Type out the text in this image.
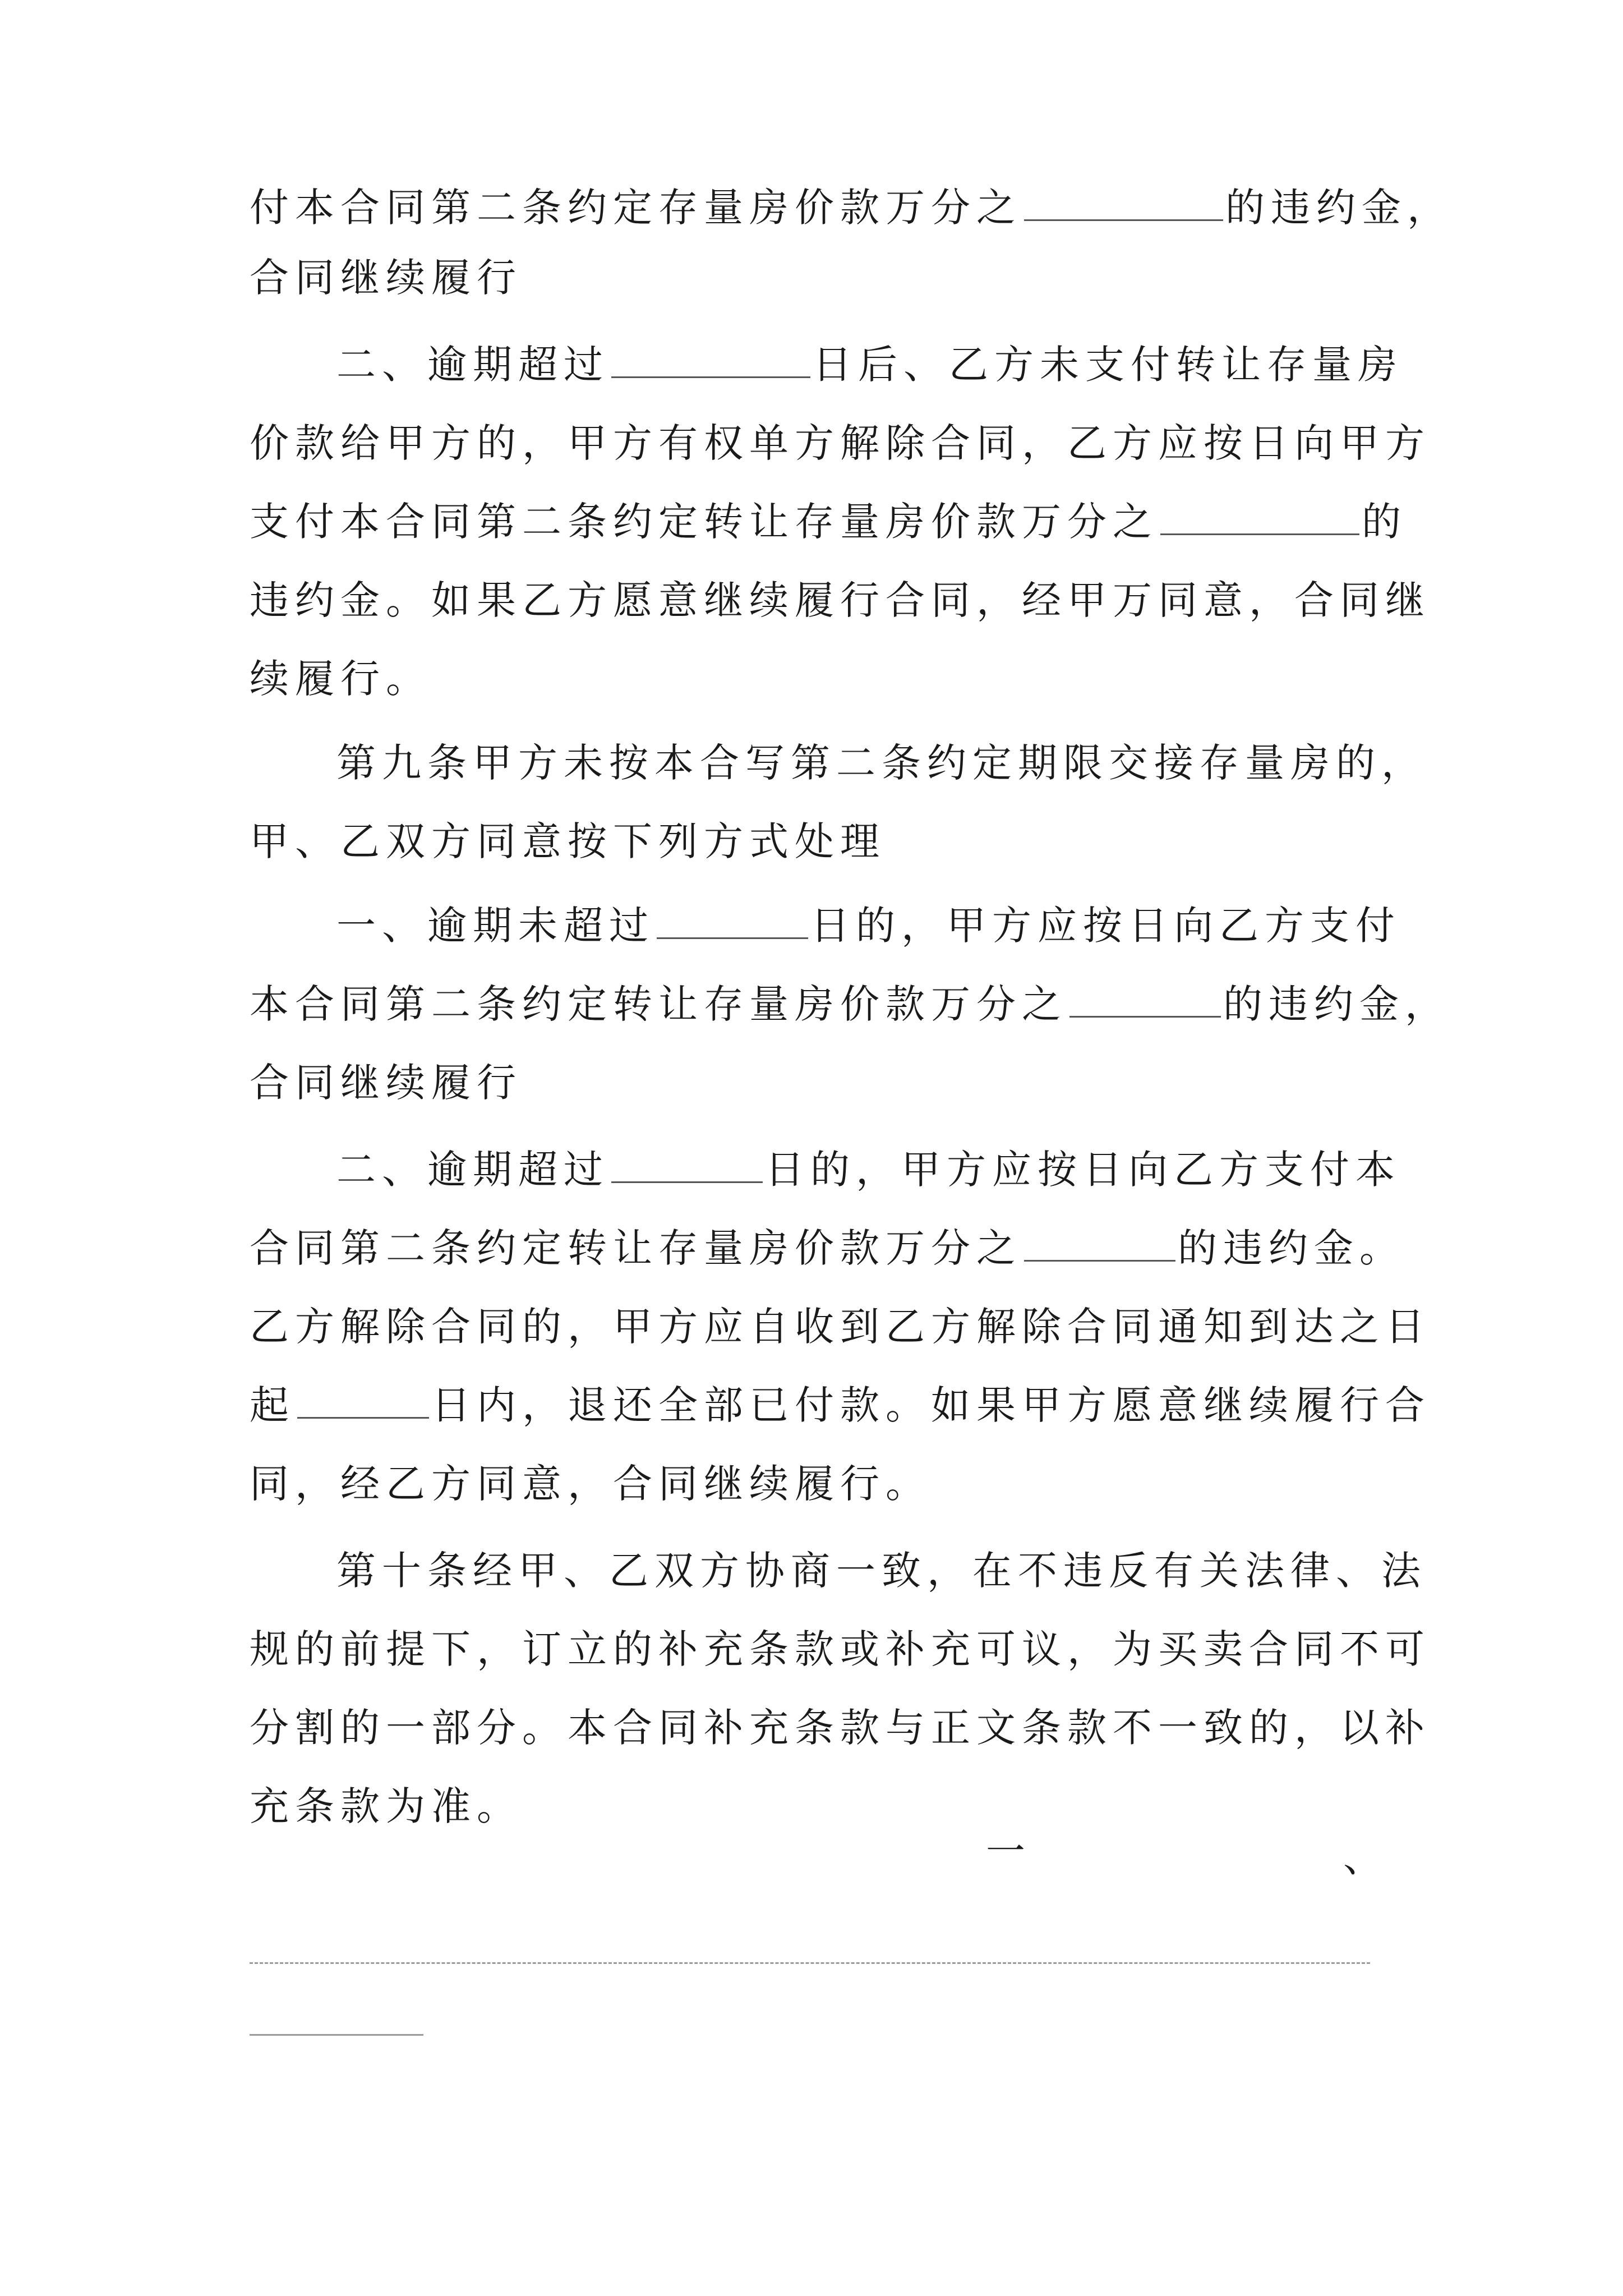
付本合同第二条约定存量房价款万分之	的违约金，
合同继续履行
二、逾期超过	日后、乙方未支付转让存量房
价款给甲方的，甲方有权单方解除合同，乙方应按日向甲方
支付本合同第二条约定转让存量房价款万分之	的
违约金。如果乙方愿意继续履行合同，经甲万同意，合同继
续履行。
第九条甲方未按本合写第二条约定期限交接存量房的，
甲、乙双方同意按下列方式处理
一、逾期未超过	日的，甲方应按日向乙方支付
本合同第二条约定转让存量房价款万分之	的违约金，
合同继续履行
二、逾期超过	日的，甲方应按日向乙方支付本
合同第二条约定转让存量房价款万分之	的违约金。
乙方解除合同的，甲方应自收到乙方解除合同通知到达之日
起	日内，退还全部已付款。如果甲方愿意继续履行合
同，经乙方同意，合同继续履行。
第十条经甲、乙双方协商一致，在不违反有关法律、法
规的前提下，订立的补充条款或补充可议，为买卖合同不可
分割的一部分。本合同补充条款与正文条款不一致的，以补
充条款为准。
一	、
